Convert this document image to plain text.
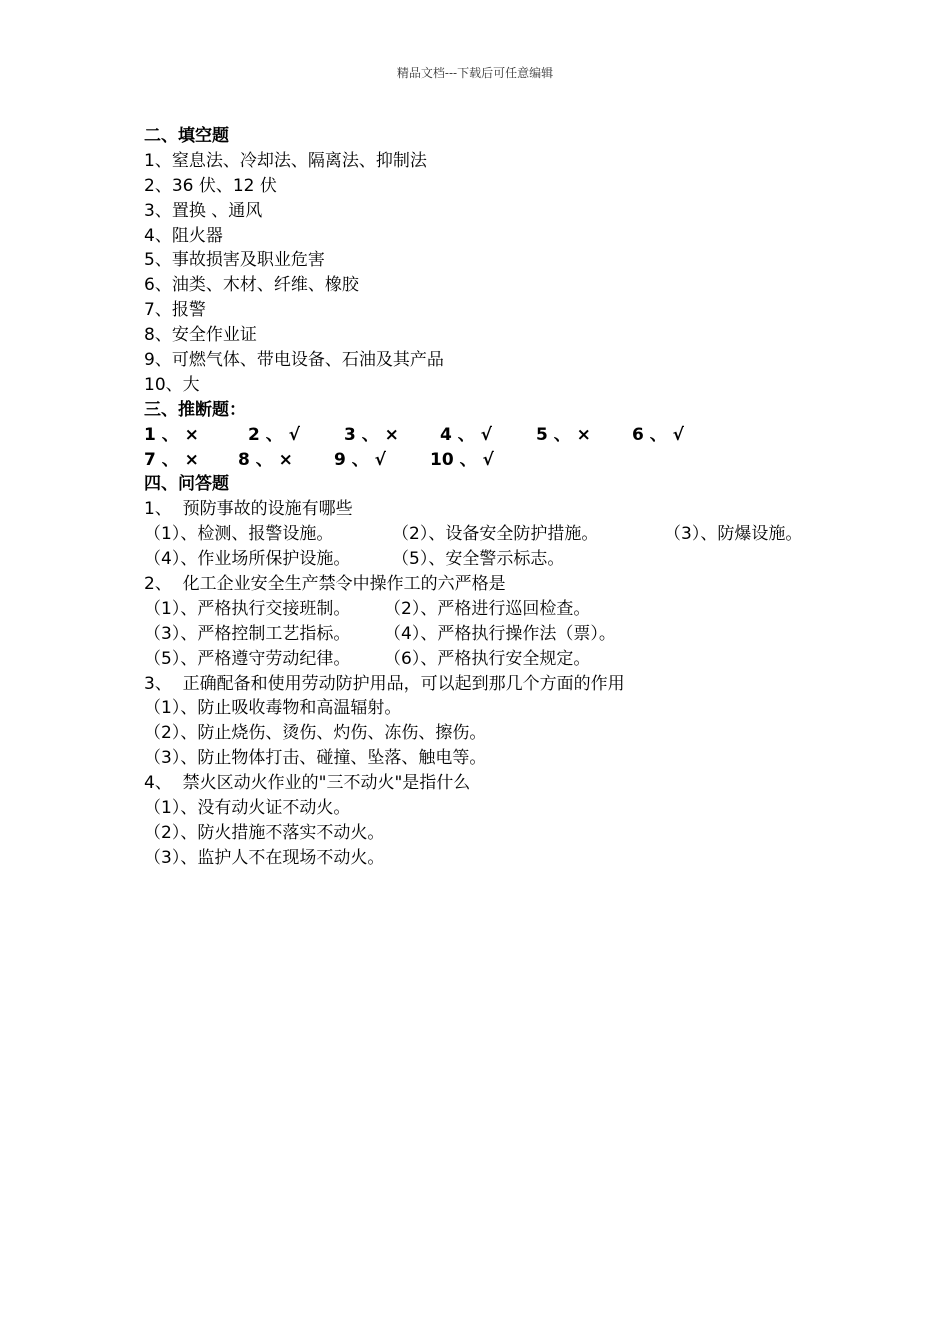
精品文档---下载后可任意编辑
二、填空题
1、窒息法、冷却法、隔离法、抑制法
2、36 伏、12 伏
3、置换 、通风
4、阻火器
5、事故损害及职业危害
6、油类、木材、纤维、橡胶
7、报警
8、安全作业证
9、可燃气体、带电设备、石油及其产品
10、大
三、推断题：

1 、 ×

	2 、 √

	3 、 ×

4 、 √

	5 、 ×

6 、 √

7 、 ×

8 、 ×

9 、 √

	10 、 √

四、问答题
1、  预防事故的设施有哪些

（1）、检测、报警设施。

	（2）、设备安全防护措施。

	（3）、防爆设施。

（4）、作业场所保护设施。

（5）、安全警示标志。

2、  化工企业安全生产禁令中操作工的六严格是

（1）、严格执行交接班制。

（2）、严格进行巡回检查。

（3）、严格控制工艺指标。

（4）、严格执行操作法（票）。

（5）、严格遵守劳动纪律。

（6）、严格执行安全规定。

3、  正确配备和使用劳动防护用品，可以起到那几个方面的作用
（1）、防止吸收毒物和高温辐射。
（2）、防止烧伤、烫伤、灼伤、冻伤、擦伤。
（3）、防止物体打击、碰撞、坠落、触电等。
4、  禁火区动火作业的"三不动火"是指什么
（1）、没有动火证不动火。
（2）、防火措施不落实不动火。
（3）、监护人不在现场不动火。
